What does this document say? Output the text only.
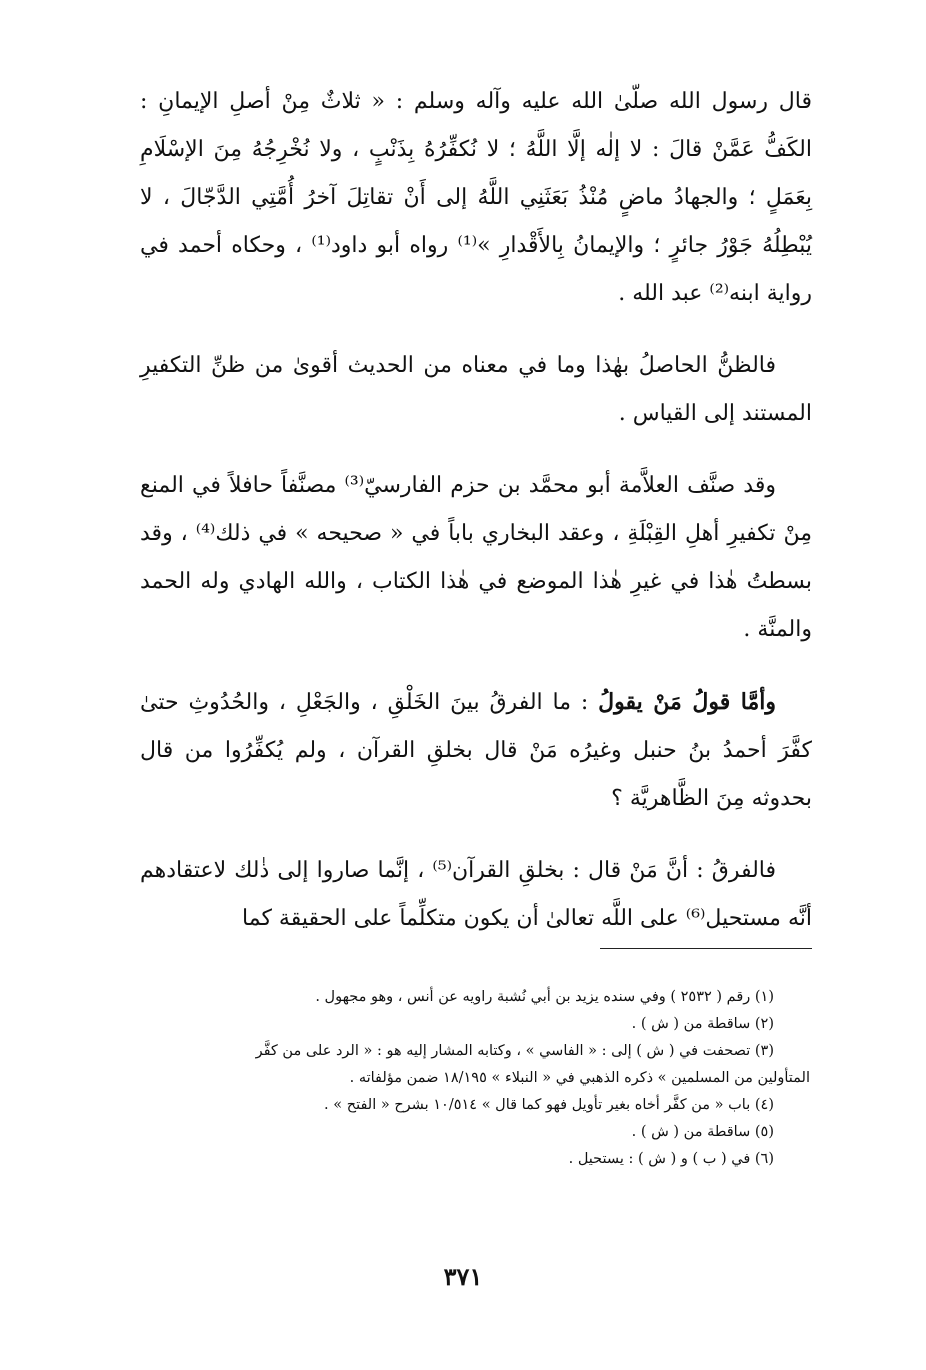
قال رسول الله صلّىٰ الله عليه وآله وسلم : « ثلاثٌ مِنْ أصلِ الإيمانِ : الكَفُّ عَمَّنْ قالَ : لا إلٰه إلَّا اللَّهُ ؛ لا نُكفِّرُهُ بِذَنْبٍ ، ولا نُخْرِجُهُ مِنَ الإسْلَامِ بِعَمَلٍ ؛ والجهادُ ماضٍ مُنْذُ بَعَثَنِي اللَّهُ إلى أَنْ تقاتِلَ آخرُ أُمَّتِي الدَّجّالَ ، لا يُبْطِلُهُ جَوْرُ جائرٍ ؛ والإيمانُ بِالأَقْدارِ »⁽¹⁾ رواه أبو داود⁽¹⁾ ، وحكاه أحمد في رواية ابنه⁽²⁾ عبد الله .

فالظنُّ الحاصلُ بهٰذا وما في معناه من الحديث أقوىٰ من ظنِّ التكفيرِ المستند إلى القياس .

وقد صنَّف العلاَّمة أبو محمَّد بن حزم الفارسيّ⁽³⁾ مصنَّفاً حافلاً في المنع مِنْ تكفيرِ أهلِ القِبْلَةِ ، وعقد البخاري باباً في « صحيحه » في ذلك⁽⁴⁾ ، وقد بسطتُ هٰذا في غيرِ هٰذا الموضع في هٰذا الكتاب ، والله الهادي وله الحمد والمنَّة .

وأمَّا قولُ مَنْ يقولُ : ما الفرقُ بينَ الخَلْقِ ، والجَعْلِ ، والحُدُوثِ حتىٰ كفَّرَ أحمدُ بنُ حنبل وغيرُه مَنْ قال بخلقِ القرآن ، ولم يُكفِّرُوا من قال بحدوثه مِنَ الظَّاهريَّة ؟

فالفرقُ : أنَّ مَنْ قال : بخلقِ القرآن⁽⁵⁾ ، إنَّما صاروا إلى ذٰلك لاعتقادهم أنَّه مستحيل⁽⁶⁾ على اللَّه تعالىٰ أن يكون متكلِّماً على الحقيقة كما

(١) رقم ( ٢٥٣٢ ) وفي سنده يزيد بن أبي نُشبة راويه عن أنس ، وهو مجهول .

(٢) ساقطة من ( ش ) .

(٣) تصحفت في ( ش ) إلى : « الفاسي » ، وكتابه المشار إليه هو : « الرد على من كفَّر

المتأولين من المسلمين » ذكره الذهبي في « النبلاء » ١٨/١٩٥ ضمن مؤلفاته .

(٤) باب « من كفَّر أخاه بغير تأويل فهو كما قال » ١٠/٥١٤ بشرح « الفتح » .

(٥) ساقطة من ( ش ) .

(٦) في ( ب ) و ( ش ) : يستحيل .

٣٧١
